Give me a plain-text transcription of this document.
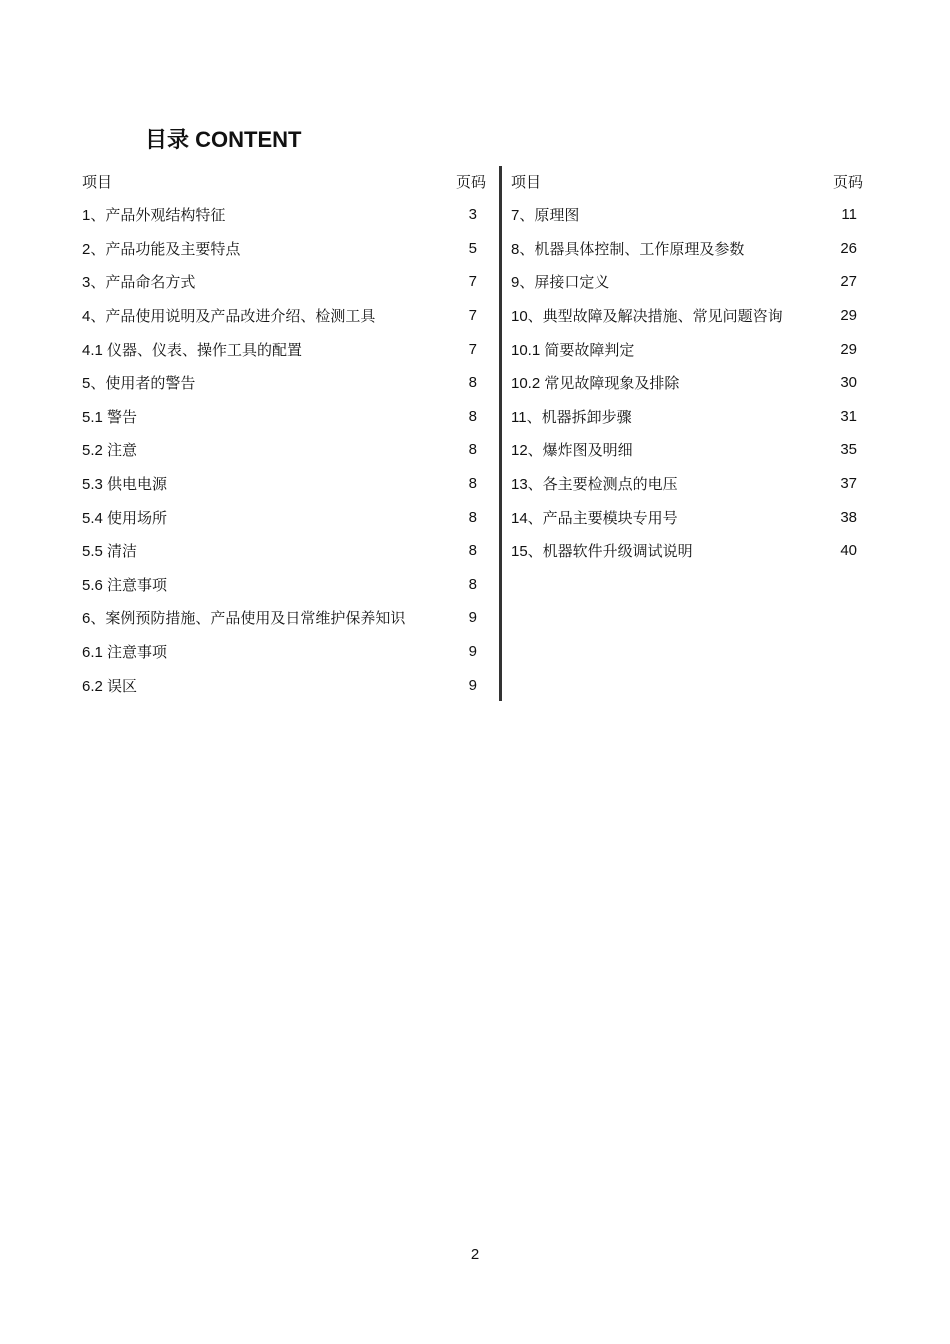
目录 CONTENT
项目	页码
1、产品外观结构特征	3
2、产品功能及主要特点	5
3、产品命名方式	7
4、产品使用说明及产品改进介绍、检测工具	7
4.1 仪器、仪表、操作工具的配置	7
5、使用者的警告	8
5.1 警告	8
5.2 注意	8
5.3 供电电源	8
5.4 使用场所	8
5.5 清洁	8
5.6 注意事项	8
6、案例预防措施、产品使用及日常维护保养知识	9
6.1 注意事项	9
6.2 误区	9
项目	页码
7、原理图	11
8、机器具体控制、工作原理及参数	26
9、屏接口定义	27
10、典型故障及解决措施、常见问题咨询	29
10.1 简要故障判定	29
10.2 常见故障现象及排除	30
11、机器拆卸步骤	31
12、爆炸图及明细	35
13、各主要检测点的电压	37
14、产品主要模块专用号	38
15、机器软件升级调试说明	40
2
